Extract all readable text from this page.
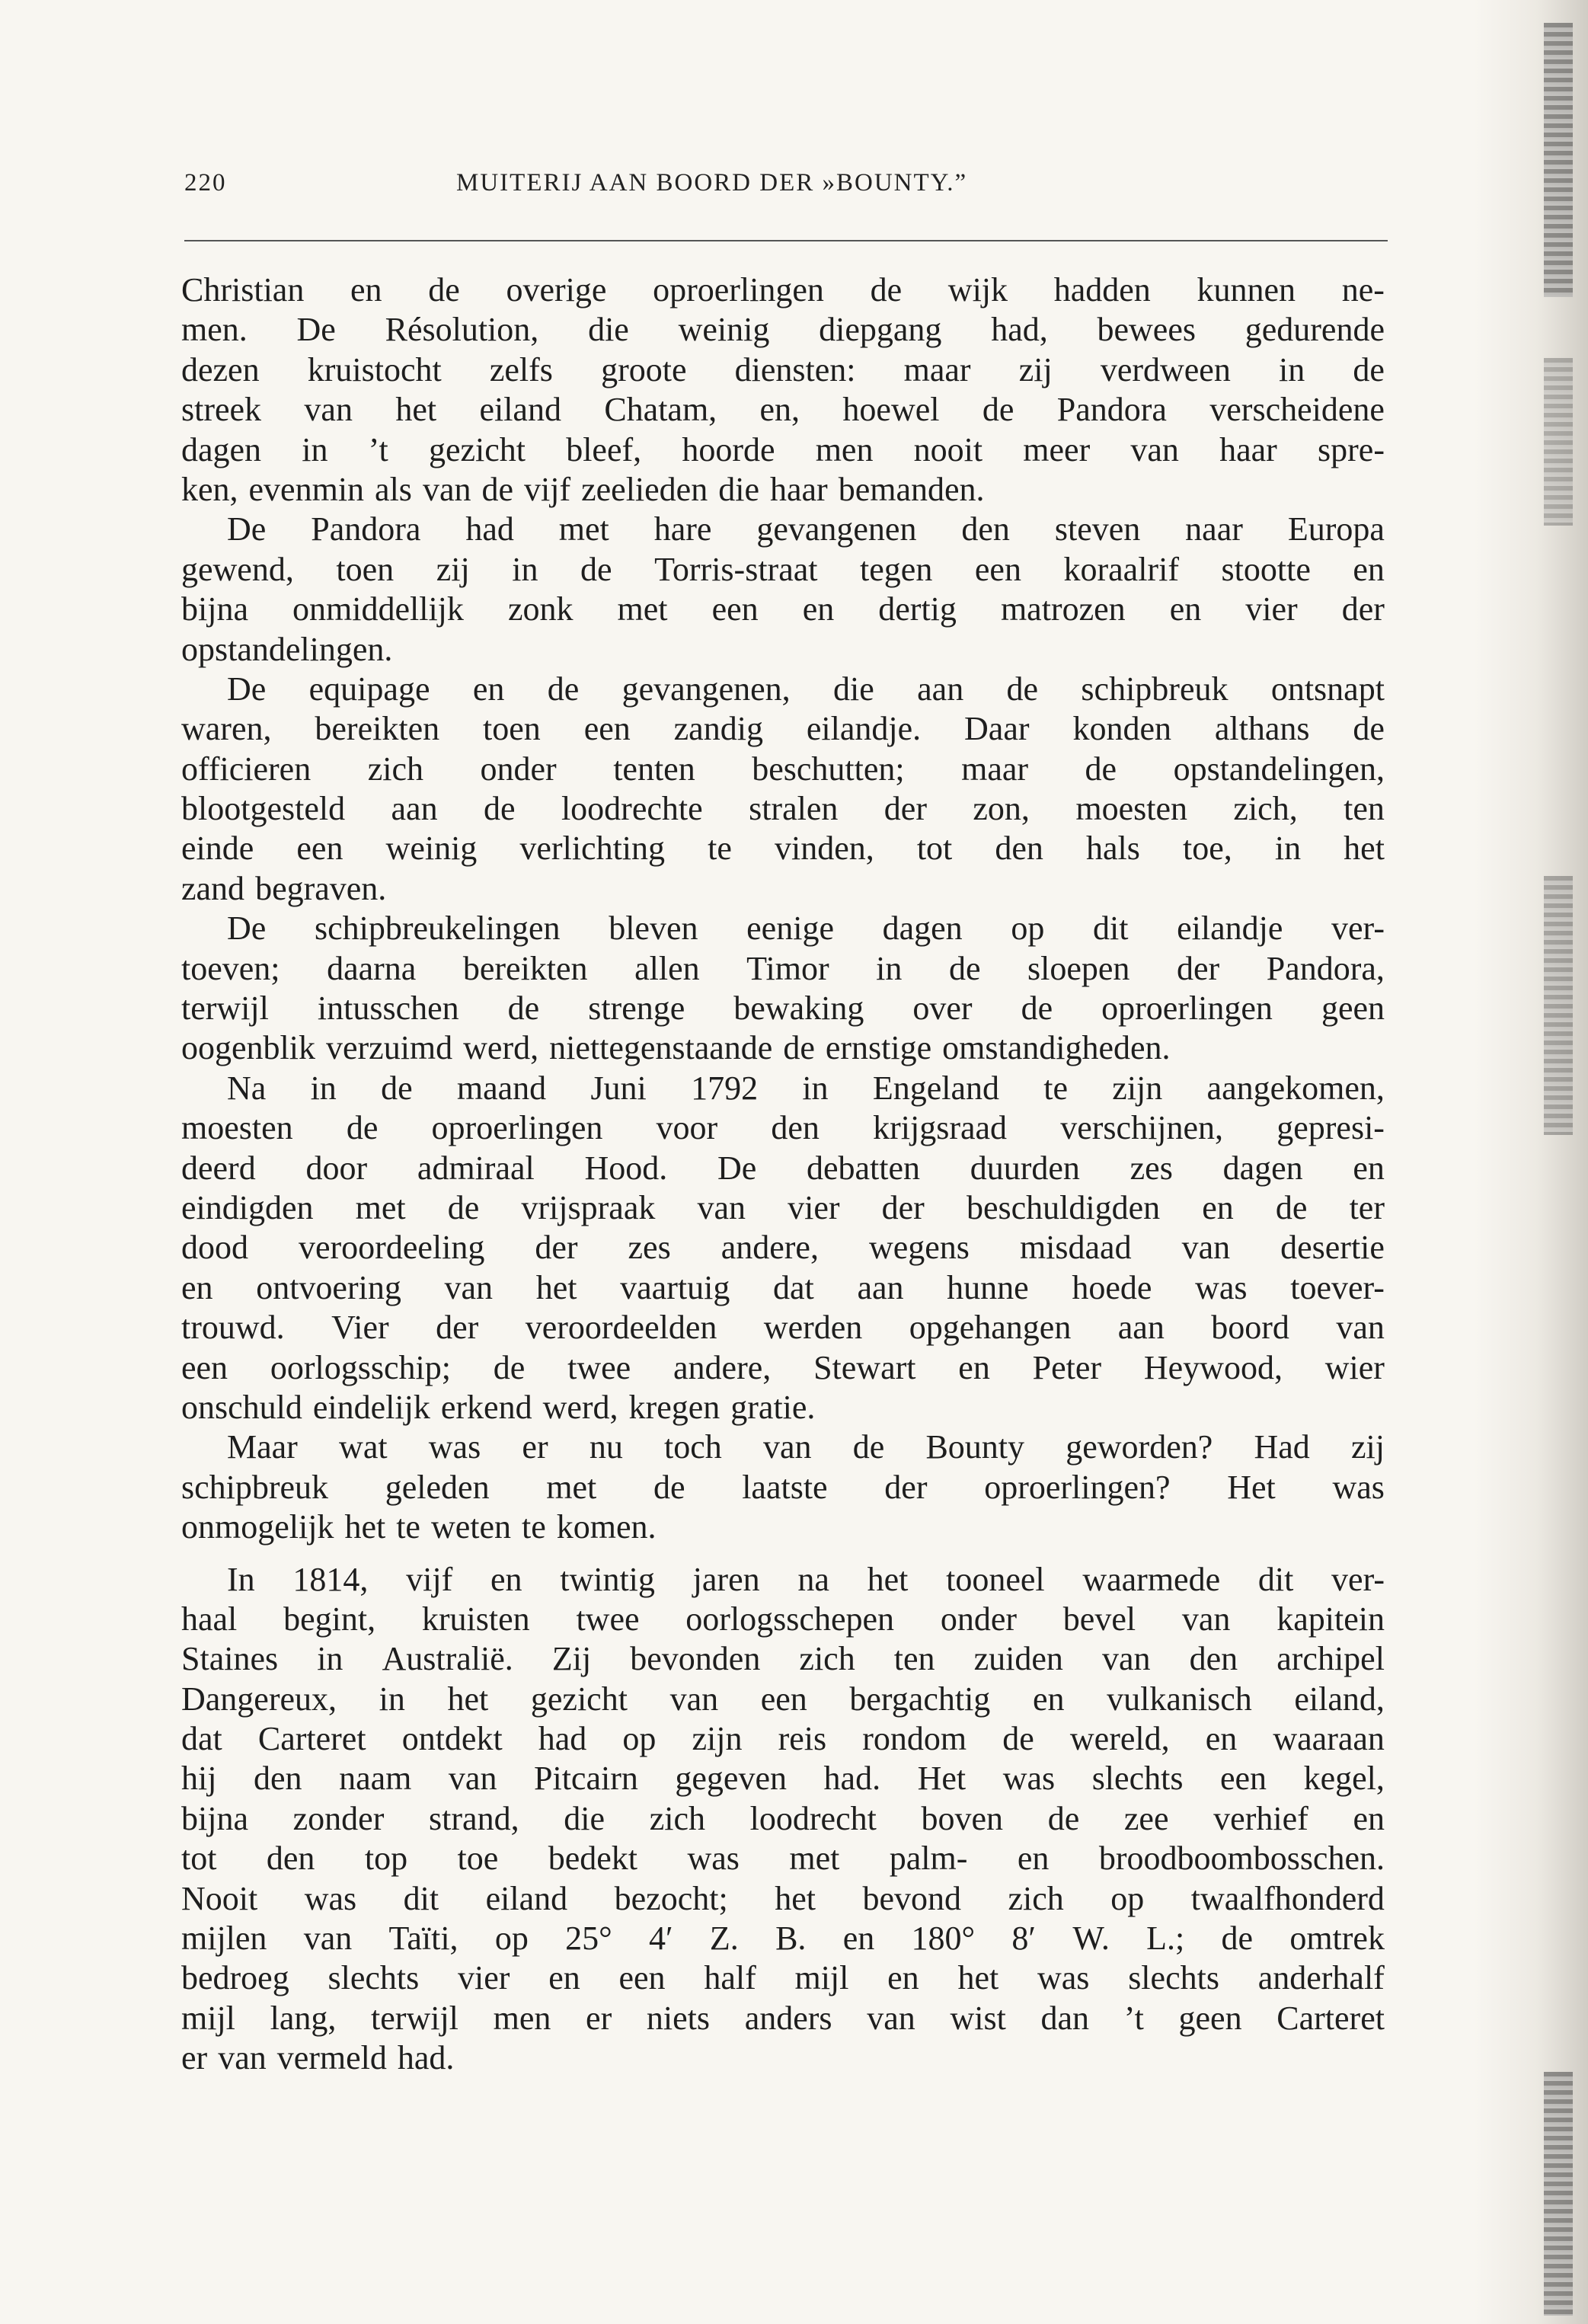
220	MUITERIJ AAN BOORD DER »BOUNTY.”
Christian en de overige oproerlingen de wijk hadden kunnen ne-
men. De Résolution, die weinig diepgang had, bewees gedurende
dezen kruistocht zelfs groote diensten: maar zij verdween in de
streek van het eiland Chatam, en, hoewel de Pandora verscheidene
dagen in ’t gezicht bleef, hoorde men nooit meer van haar spre-
ken, evenmin als van de vijf zeelieden die haar bemanden.
De Pandora had met hare gevangenen den steven naar Europa
gewend, toen zij in de Torris-straat tegen een koraalrif stootte en
bijna onmiddellijk zonk met een en dertig matrozen en vier der
opstandelingen.
De equipage en de gevangenen, die aan de schipbreuk ontsnapt
waren, bereikten toen een zandig eilandje. Daar konden althans de
officieren zich onder tenten beschutten; maar de opstandelingen,
blootgesteld aan de loodrechte stralen der zon, moesten zich, ten
einde een weinig verlichting te vinden, tot den hals toe, in het
zand begraven.
De schipbreukelingen bleven eenige dagen op dit eilandje ver-
toeven; daarna bereikten allen Timor in de sloepen der Pandora,
terwijl intusschen de strenge bewaking over de oproerlingen geen
oogenblik verzuimd werd, niettegenstaande de ernstige omstandigheden.
Na in de maand Juni 1792 in Engeland te zijn aangekomen,
moesten de oproerlingen voor den krijgsraad verschijnen, gepresi-
deerd door admiraal Hood. De debatten duurden zes dagen en
eindigden met de vrijspraak van vier der beschuldigden en de ter
dood veroordeeling der zes andere, wegens misdaad van desertie
en ontvoering van het vaartuig dat aan hunne hoede was toever-
trouwd. Vier der veroordeelden werden opgehangen aan boord van
een oorlogsschip; de twee andere, Stewart en Peter Heywood, wier
onschuld eindelijk erkend werd, kregen gratie.
Maar wat was er nu toch van de Bounty geworden? Had zij
schipbreuk geleden met de laatste der oproerlingen? Het was
onmogelijk het te weten te komen.
In 1814, vijf en twintig jaren na het tooneel waarmede dit ver-
haal begint, kruisten twee oorlogsschepen onder bevel van kapitein
Staines in Australië. Zij bevonden zich ten zuiden van den archipel
Dangereux, in het gezicht van een bergachtig en vulkanisch eiland,
dat Carteret ontdekt had op zijn reis rondom de wereld, en waaraan
hij den naam van Pitcairn gegeven had. Het was slechts een kegel,
bijna zonder strand, die zich loodrecht boven de zee verhief en
tot den top toe bedekt was met palm- en broodboombosschen.
Nooit was dit eiland bezocht; het bevond zich op twaalfhonderd
mijlen van Taïti, op 25° 4′ Z. B. en 180° 8′ W. L.; de omtrek
bedroeg slechts vier en een half mijl en het was slechts anderhalf
mijl lang, terwijl men er niets anders van wist dan ’t geen Carteret
er van vermeld had.
